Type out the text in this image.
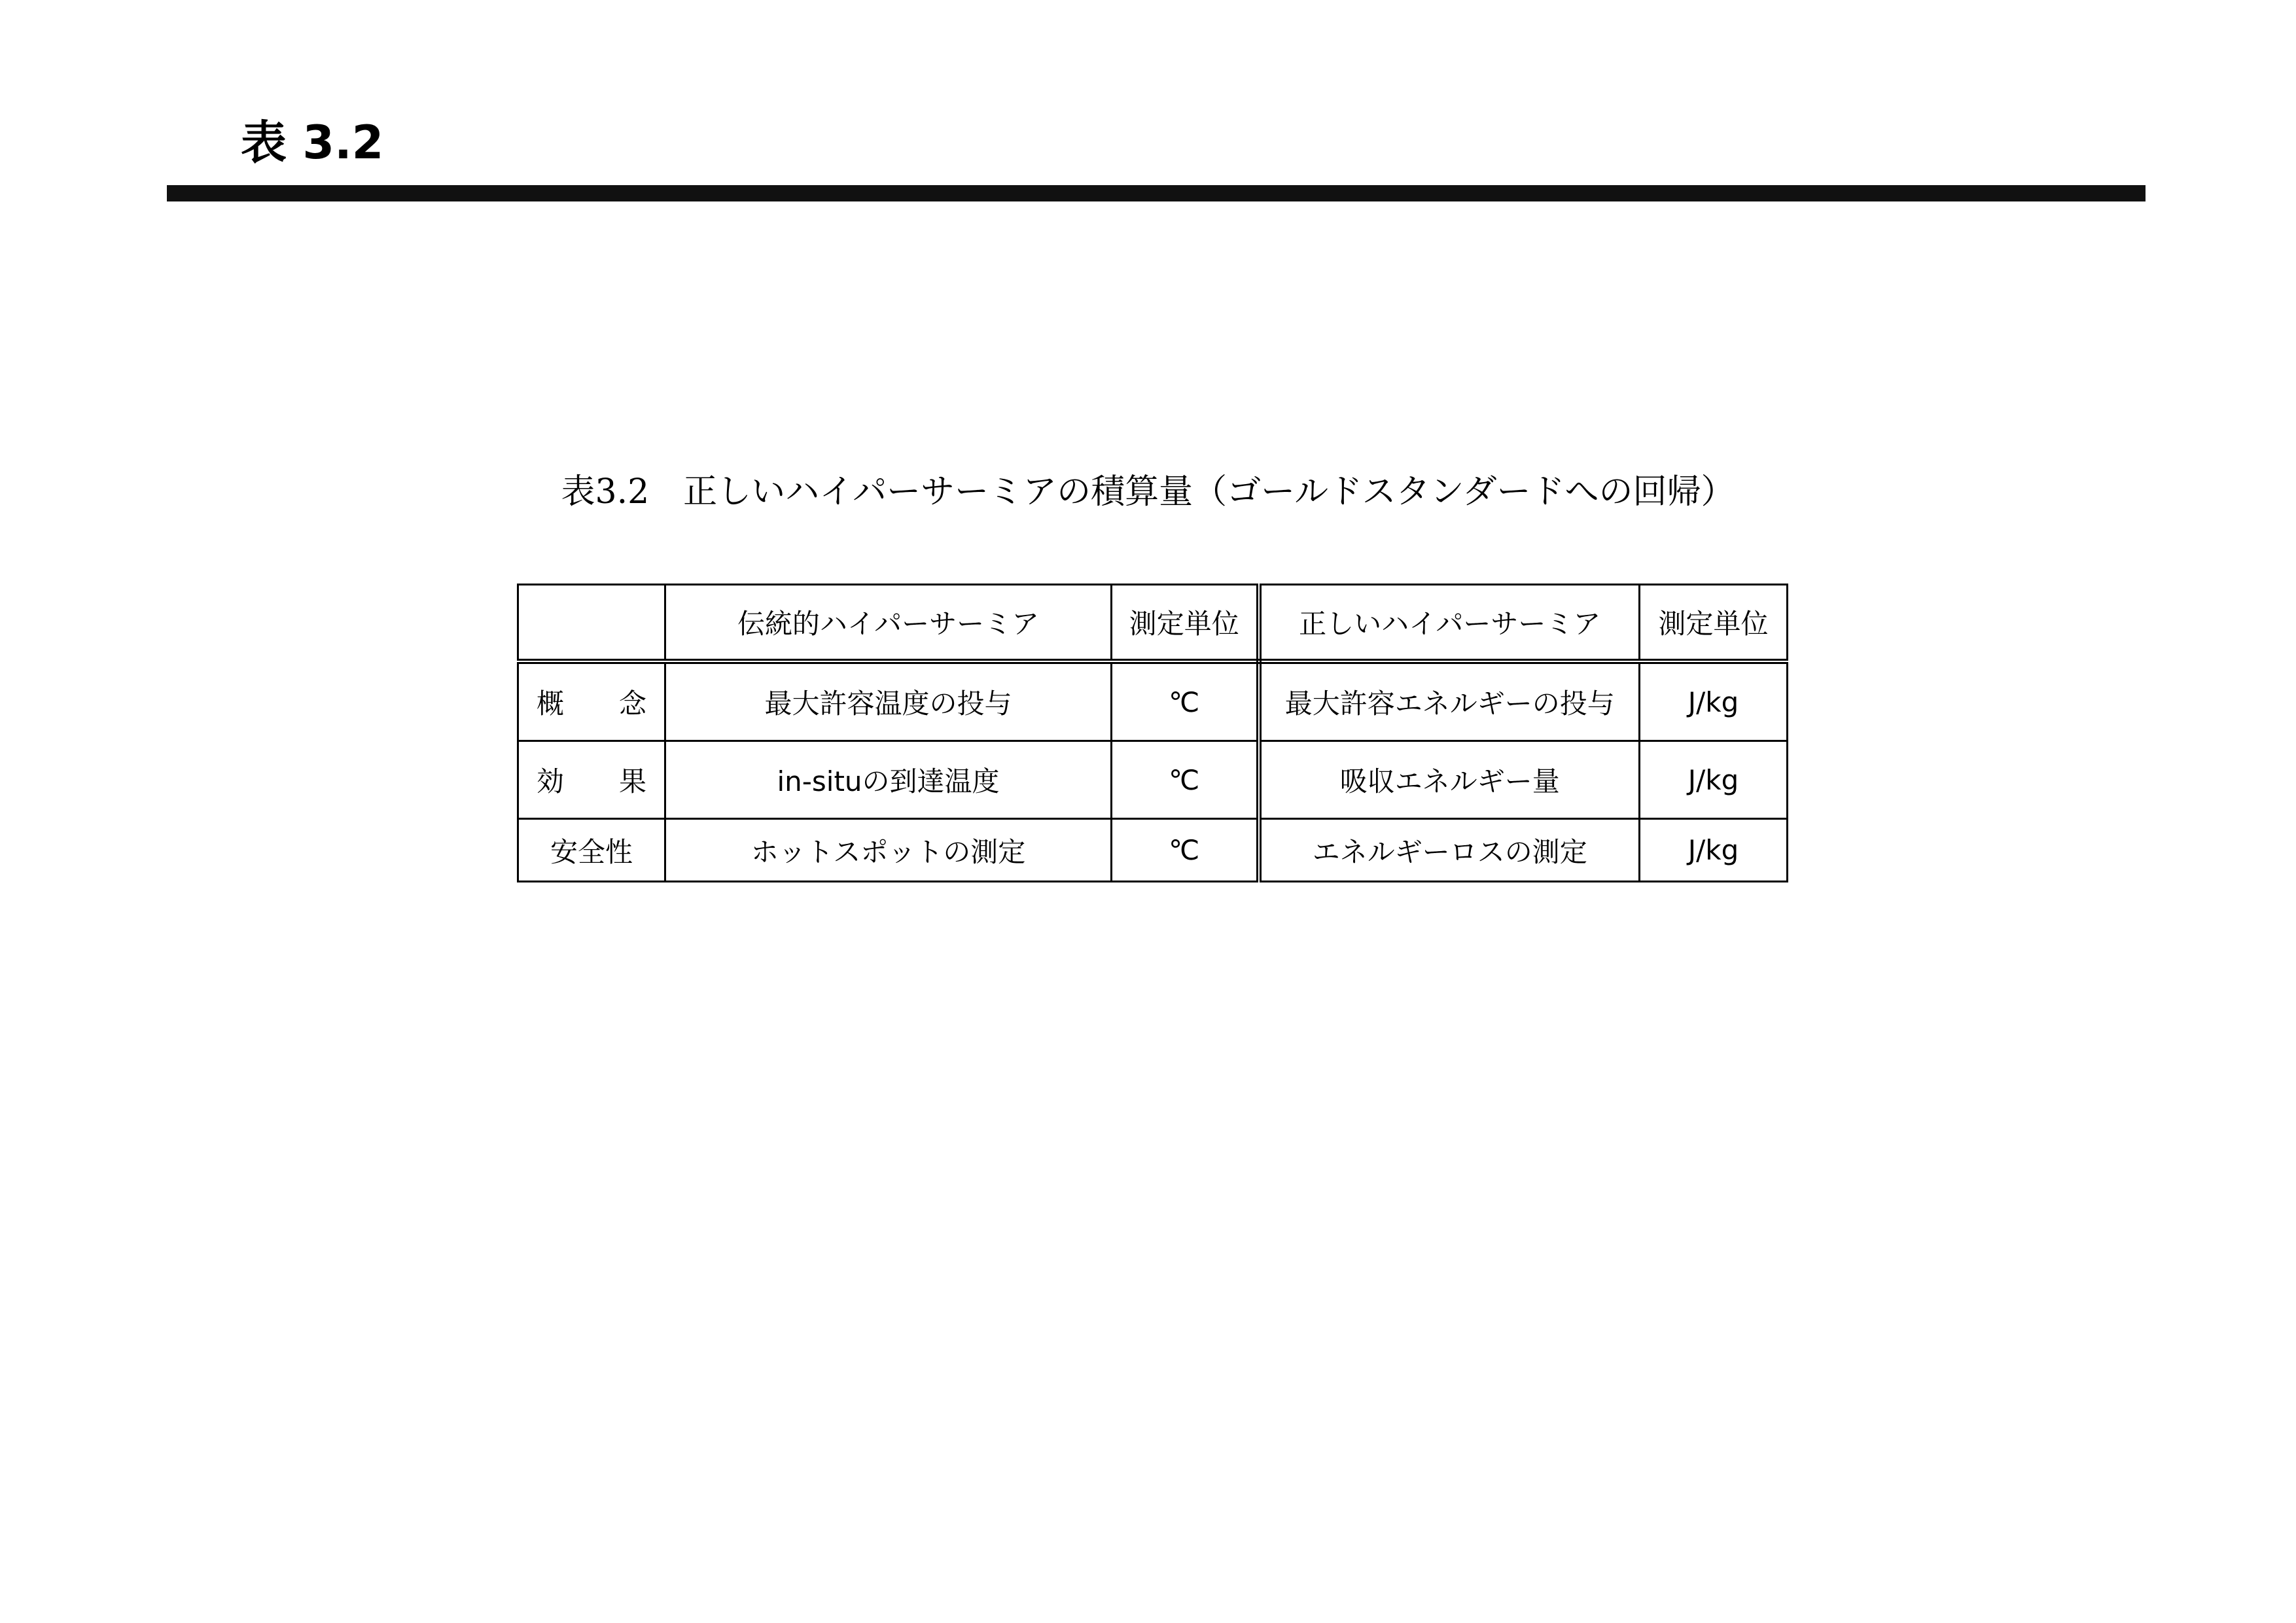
表 3.2
表3.2　正しいハイパーサーミアの積算量（ゴールドスタンダードへの回帰）
	伝統的ハイパーサーミア	測定単位	正しいハイパーサーミア	測定単位
概　　念	最大許容温度の投与	℃	最大許容エネルギーの投与	J/kg
効　　果	in-situの到達温度	℃	吸収エネルギー量	J/kg
安全性	ホットスポットの測定	℃	エネルギーロスの測定	J/kg
